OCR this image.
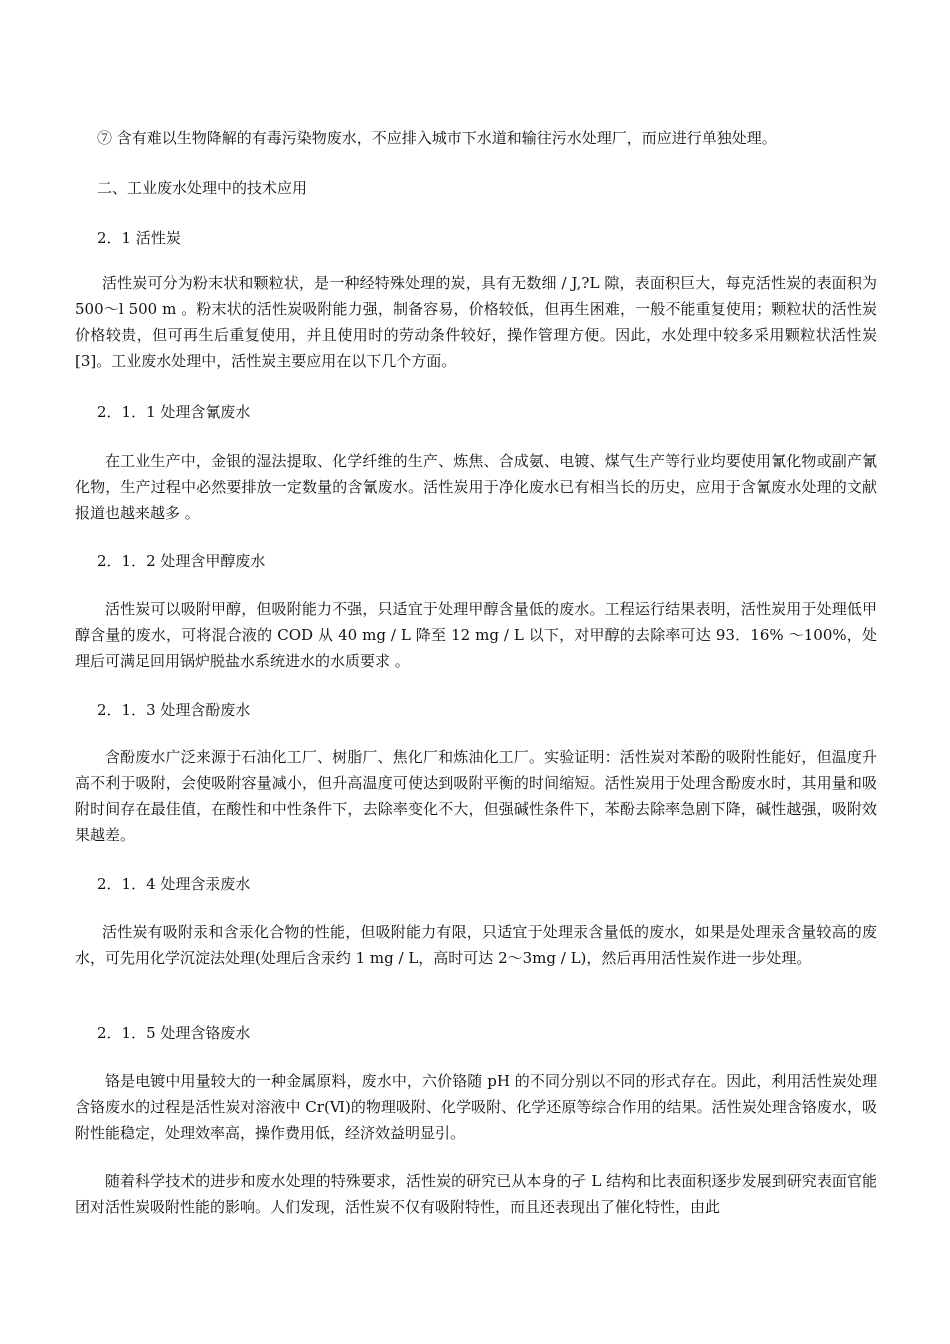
⑦ 含有难以生物降解的有毒污染物废水，不应排入城市下水道和输往污水处理厂，而应进行单独处理。
二、工业废水处理中的技术应用
2．1 活性炭

活性炭可分为粉末状和颗粒状，是一种经特殊处理的炭，具有无数细 / J,?L 隙，表面积巨大，每克活性炭的表面积为 500～l 500 m 。粉末状的活性炭吸附能力强，制备容易，价格较低，但再生困难，一般不能重复使用；颗粒状的活性炭价格较贵，但可再生后重复使用，并且使用时的劳动条件较好，操作管理方便。因此，水处理中较多采用颗粒状活性炭[3]。工业废水处理中，活性炭主要应用在以下几个方面。

2．1．1 处理含氰废水

在工业生产中，金银的湿法提取、化学纤维的生产、炼焦、合成氨、电镀、煤气生产等行业均要使用氰化物或副产氰化物，生产过程中必然要排放一定数量的含氰废水。活性炭用于净化废水已有相当长的历史，应用于含氰废水处理的文献报道也越来越多 。

2．1．2 处理含甲醇废水

活性炭可以吸附甲醇，但吸附能力不强，只适宜于处理甲醇含量低的废水。工程运行结果表明，活性炭用于处理低甲醇含量的废水，可将混合液的 COD 从 40 mg / L 降至 12 mg / L 以下，对甲醇的去除率可达 93．16% ～100%，处理后可满足回用锅炉脱盐水系统进水的水质要求 。

2．1．3 处理含酚废水

含酚废水广泛来源于石油化工厂、树脂厂、焦化厂和炼油化工厂。实验证明：活性炭对苯酚的吸附性能好，但温度升高不利于吸附，会使吸附容量减小，但升高温度可使达到吸附平衡的时间缩短。活性炭用于处理含酚废水时，其用量和吸附时间存在最佳值，在酸性和中性条件下，去除率变化不大，但强碱性条件下，苯酚去除率急剧下降，碱性越强，吸附效果越差。

2．1．4 处理含汞废水

活性炭有吸附汞和含汞化合物的性能，但吸附能力有限，只适宜于处理汞含量低的废水，如果是处理汞含量较高的废水，可先用化学沉淀法处理(处理后含汞约 1 mg / L，高时可达 2～3mg / L)，然后再用活性炭作进一步处理。

2．1．5 处理含铬废水

铬是电镀中用量较大的一种金属原料，废水中，六价铬随 pH 的不同分别以不同的形式存在。因此，利用活性炭处理含铬废水的过程是活性炭对溶液中 Cr(Ⅵ)的物理吸附、化学吸附、化学还原等综合作用的结果。活性炭处理含铬废水，吸附性能稳定，处理效率高，操作费用低，经济效益明显引。

随着科学技术的进步和废水处理的特殊要求，活性炭的研究已从本身的孑 L 结构和比表面积逐步发展到研究表面官能团对活性炭吸附性能的影响。人们发现，活性炭不仅有吸附特性，而且还表现出了催化特性，由此
